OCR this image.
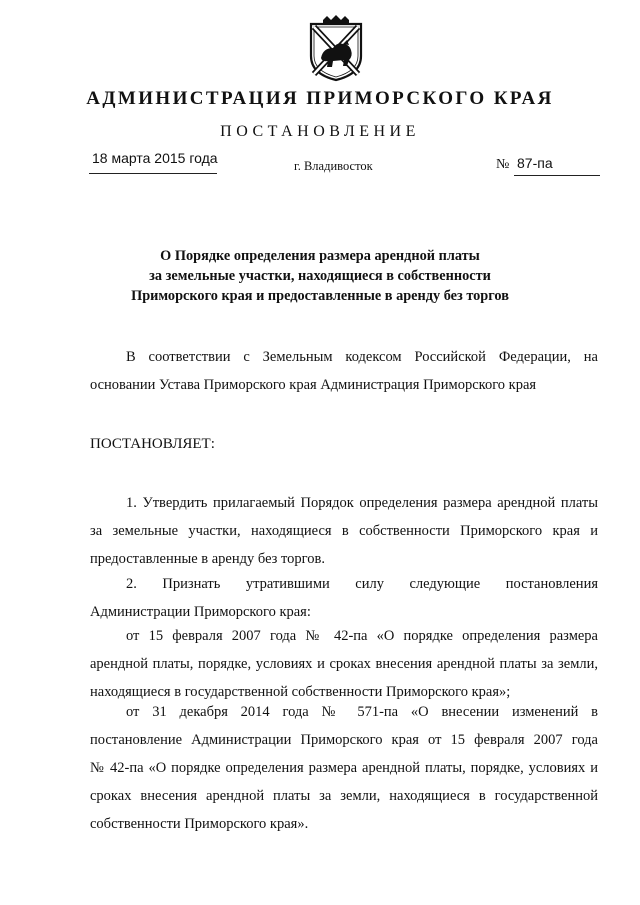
АДМИНИСТРАЦИЯ ПРИМОРСКОГО КРАЯ
ПОСТАНОВЛЕНИЕ
18 марта 2015 года	г. Владивосток	№ 87-па
О Порядке определения размера арендной платы
за земельные участки, находящиеся в собственности
Приморского края и предоставленные в аренду без торгов
В соответствии с Земельным кодексом Российской Федерации, на
основании Устава Приморского края Администрация Приморского края
ПОСТАНОВЛЯЕТ:
1. Утвердить прилагаемый Порядок определения размера арендной платы
за земельные участки, находящиеся в собственности Приморского края и
предоставленные в аренду без торгов.
2. Признать утратившими силу следующие постановления
Администрации Приморского края:
от 15 февраля 2007 года № 42-па «О порядке определения размера
арендной платы, порядке, условиях и сроках внесения арендной платы за земли,
находящиеся в государственной собственности Приморского края»;
от 31 декабря 2014 года № 571-па «О внесении изменений в
постановление Администрации Приморского края от 15 февраля 2007 года
№ 42-па «О порядке определения размера арендной платы, порядке, условиях и
сроках внесения арендной платы за земли, находящиеся в государственной
собственности Приморского края».
